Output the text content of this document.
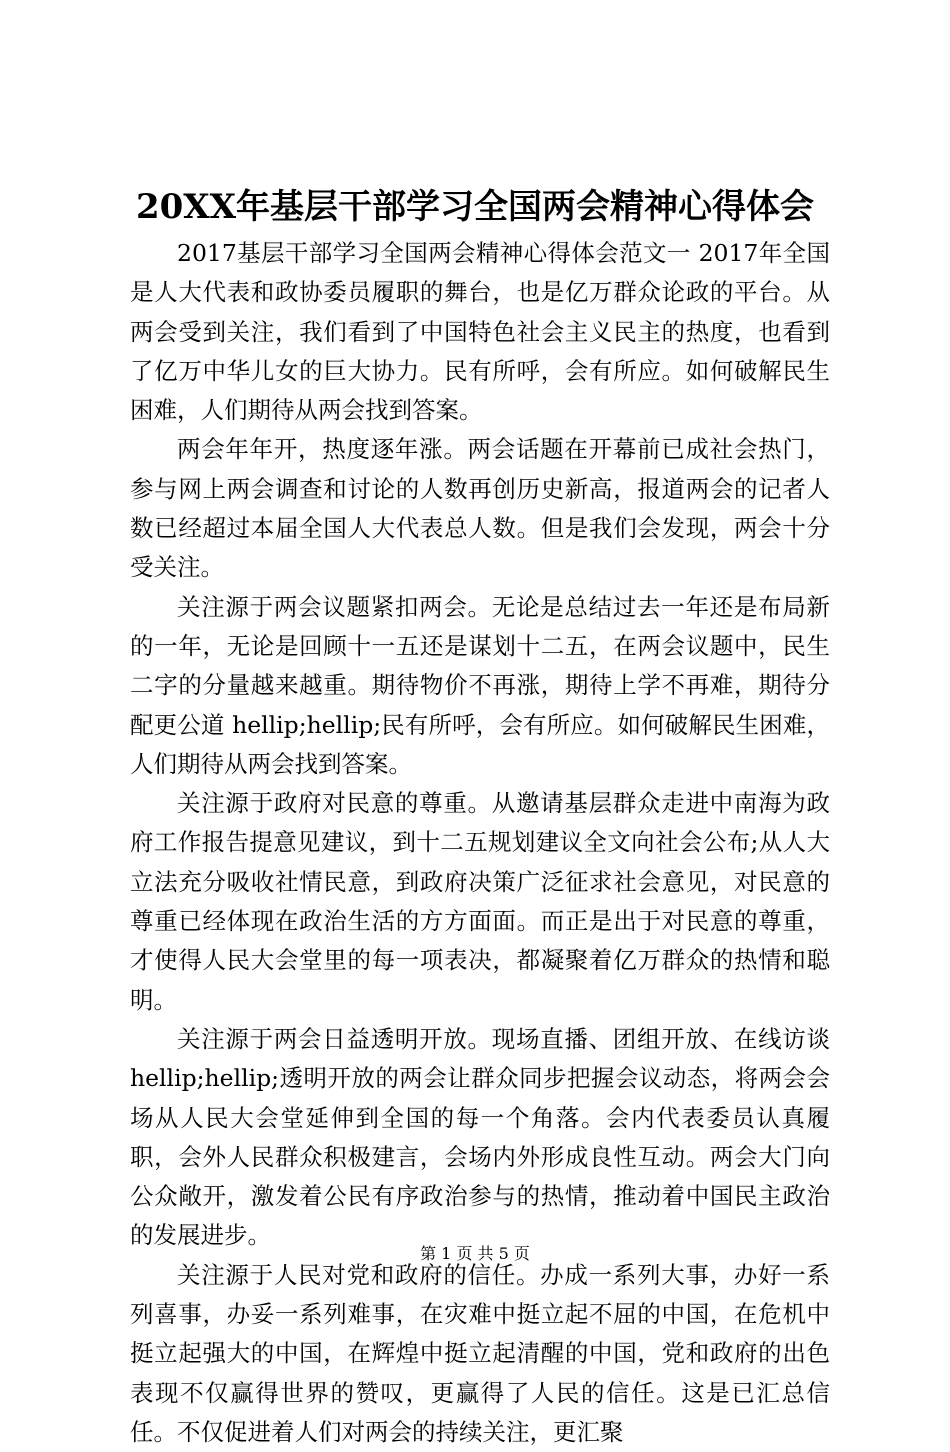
20XX年基层干部学习全国两会精神心得体会

2017基层干部学习全国两会精神心得体会范文一 2017年全国是人大代表和政协委员履职的舞台，也是亿万群众论政的平台。从两会受到关注，我们看到了中国特色社会主义民主的热度，也看到了亿万中华儿女的巨大协力。民有所呼，会有所应。如何破解民生困难，人们期待从两会找到答案。

两会年年开，热度逐年涨。两会话题在开幕前已成社会热门，参与网上两会调查和讨论的人数再创历史新高，报道两会的记者人数已经超过本届全国人大代表总人数。但是我们会发现，两会十分受关注。

关注源于两会议题紧扣两会。无论是总结过去一年还是布局新的一年，无论是回顾十一五还是谋划十二五，在两会议题中，民生二字的分量越来越重。期待物价不再涨，期待上学不再难，期待分配更公道 hellip;hellip;民有所呼，会有所应。如何破解民生困难，人们期待从两会找到答案。

关注源于政府对民意的尊重。从邀请基层群众走进中南海为政府工作报告提意见建议，到十二五规划建议全文向社会公布;从人大立法充分吸收社情民意，到政府决策广泛征求社会意见，对民意的尊重已经体现在政治生活的方方面面。而正是出于对民意的尊重，才使得人民大会堂里的每一项表决，都凝聚着亿万群众的热情和聪明。

关注源于两会日益透明开放。现场直播、团组开放、在线访谈 hellip;hellip;透明开放的两会让群众同步把握会议动态，将两会会场从人民大会堂延伸到全国的每一个角落。会内代表委员认真履职，会外人民群众积极建言，会场内外形成良性互动。两会大门向公众敞开，激发着公民有序政治参与的热情，推动着中国民主政治的发展进步。

关注源于人民对党和政府的信任。办成一系列大事，办好一系列喜事，办妥一系列难事，在灾难中挺立起不屈的中国，在危机中挺立起强大的中国，在辉煌中挺立起清醒的中国，党和政府的出色表现不仅赢得世界的赞叹，更赢得了人民的信任。这是已汇总信任。不仅促进着人们对两会的持续关注，更汇聚

第 1 页 共 5 页
